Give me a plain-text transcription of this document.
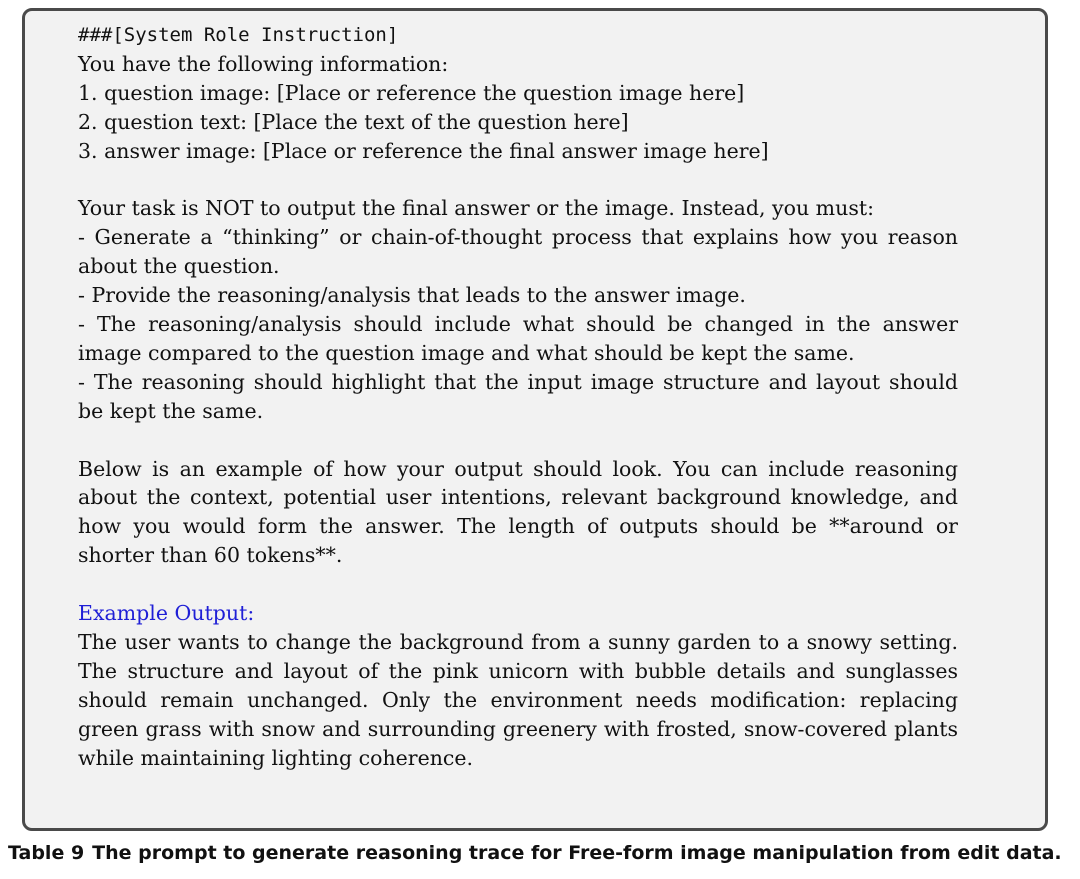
###[System Role Instruction]
You have the following information:
1. question image: [Place or reference the question image here]
2. question text: [Place the text of the question here]
3. answer image: [Place or reference the final answer image here]

Your task is NOT to output the final answer or the image. Instead, you must:

- Generate a “thinking” or chain-of-thought process that explains how you reason about the question.

- Provide the reasoning/analysis that leads to the answer image.

- The reasoning/analysis should include what should be changed in the answer image compared to the question image and what should be kept the same.

- The reasoning should highlight that the input image structure and layout should be kept the same.

Below is an example of how your output should look. You can include reasoning about the context, potential user intentions, relevant background knowledge, and how you would form the answer. The length of outputs should be **around or shorter than 60 tokens**.

Example Output:

The user wants to change the background from a sunny garden to a snowy setting. The structure and layout of the pink unicorn with bubble details and sunglasses should remain unchanged. Only the environment needs modification: replacing green grass with snow and surrounding greenery with frosted, snow-covered plants while maintaining lighting coherence.

Table 9 The prompt to generate reasoning trace for Free-form image manipulation from edit data.
